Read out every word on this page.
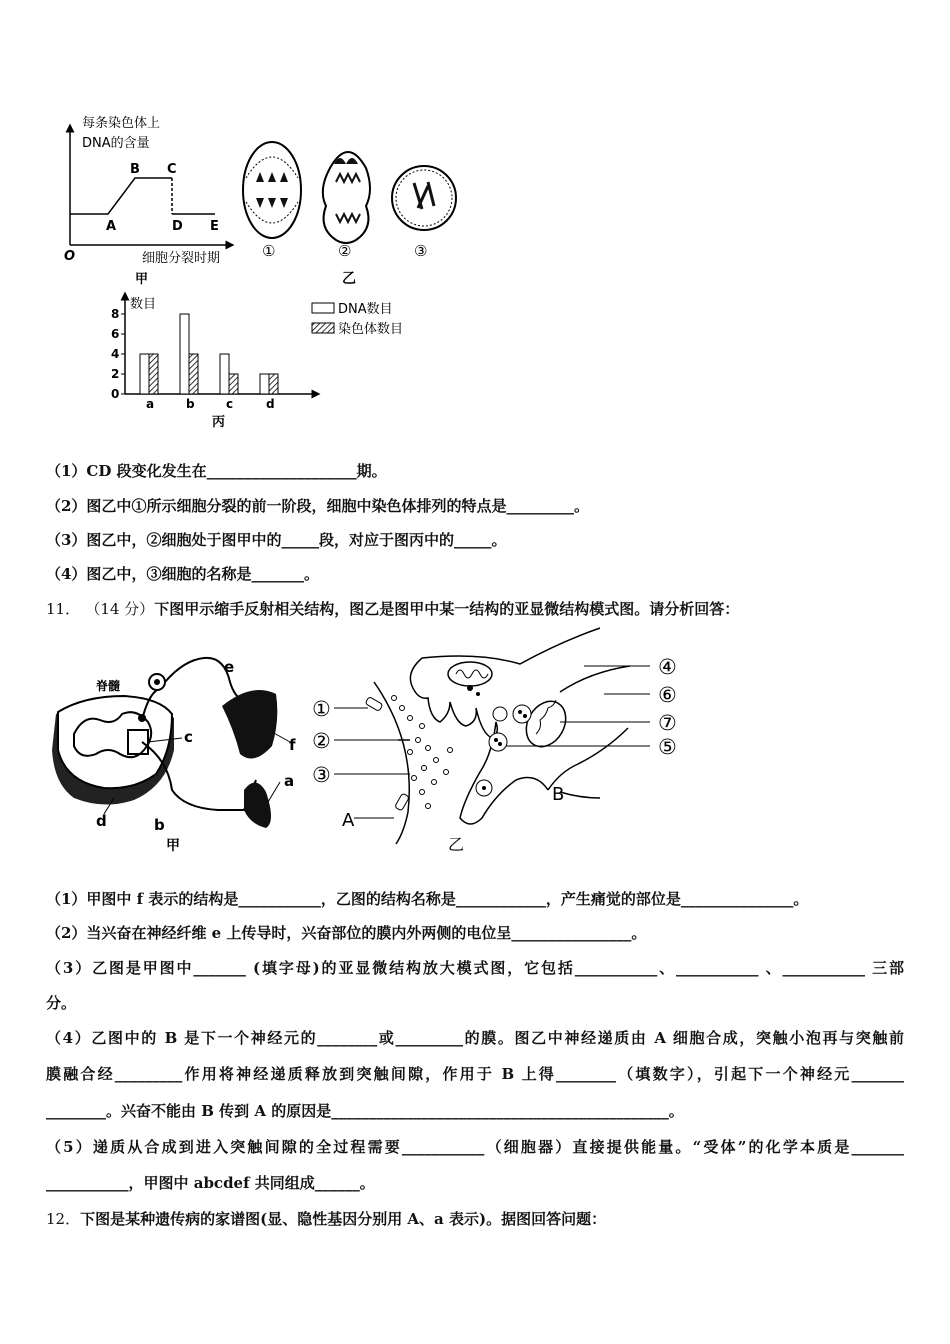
每条染色体上
DNA的含量
A
B C
D E
O	细胞分裂时期
甲
①	②	③
乙
数目
0
2
4
6
8
a	b	c	d
丙
DNA数目
染色体数目
（1）CD 段变化发生在____________________期。
（2）图乙中①所示细胞分裂的前一阶段，细胞中染色体排列的特点是_________。
（3）图乙中，②细胞处于图甲中的_____段，对应于图丙中的_____。
（4）图乙中，③细胞的名称是_______。
11． （14 分）下图甲示缩手反射相关结构，图乙是图甲中某一结构的亚显微结构模式图。请分析回答：
脊髓
a
b
c
d
e
f
甲
①
②
③
④
⑤
⑥
⑦
A
B
乙
（1）甲图中 f 表示的结构是___________，乙图的结构名称是____________，产生痛觉的部位是_______________。
（2）当兴奋在神经纤维 e 上传导时，兴奋部位的膜内外两侧的电位呈________________。
（3）乙图是甲图中_______ (填字母)的亚显微结构放大模式图，它包括___________、___________ 、___________ 三部
分。
（4）乙图中的 B 是下一个神经元的________或_________的膜。图乙中神经递质由 A 细胞合成，突触小泡再与突触前
膜融合经_________作用将神经递质释放到突触间隙，作用于 B 上得________（填数字），引起下一个神经元_______
________。兴奋不能由 B 传到 A 的原因是_____________________________________________。
（5）递质从合成到进入突触间隙的全过程需要___________（细胞器）直接提供能量。“受体”的化学本质是_______
___________，甲图中 abcdef 共同组成______。
12．下图是某种遗传病的家谱图(显、隐性基因分别用 A、a 表示)。据图回答问题：
